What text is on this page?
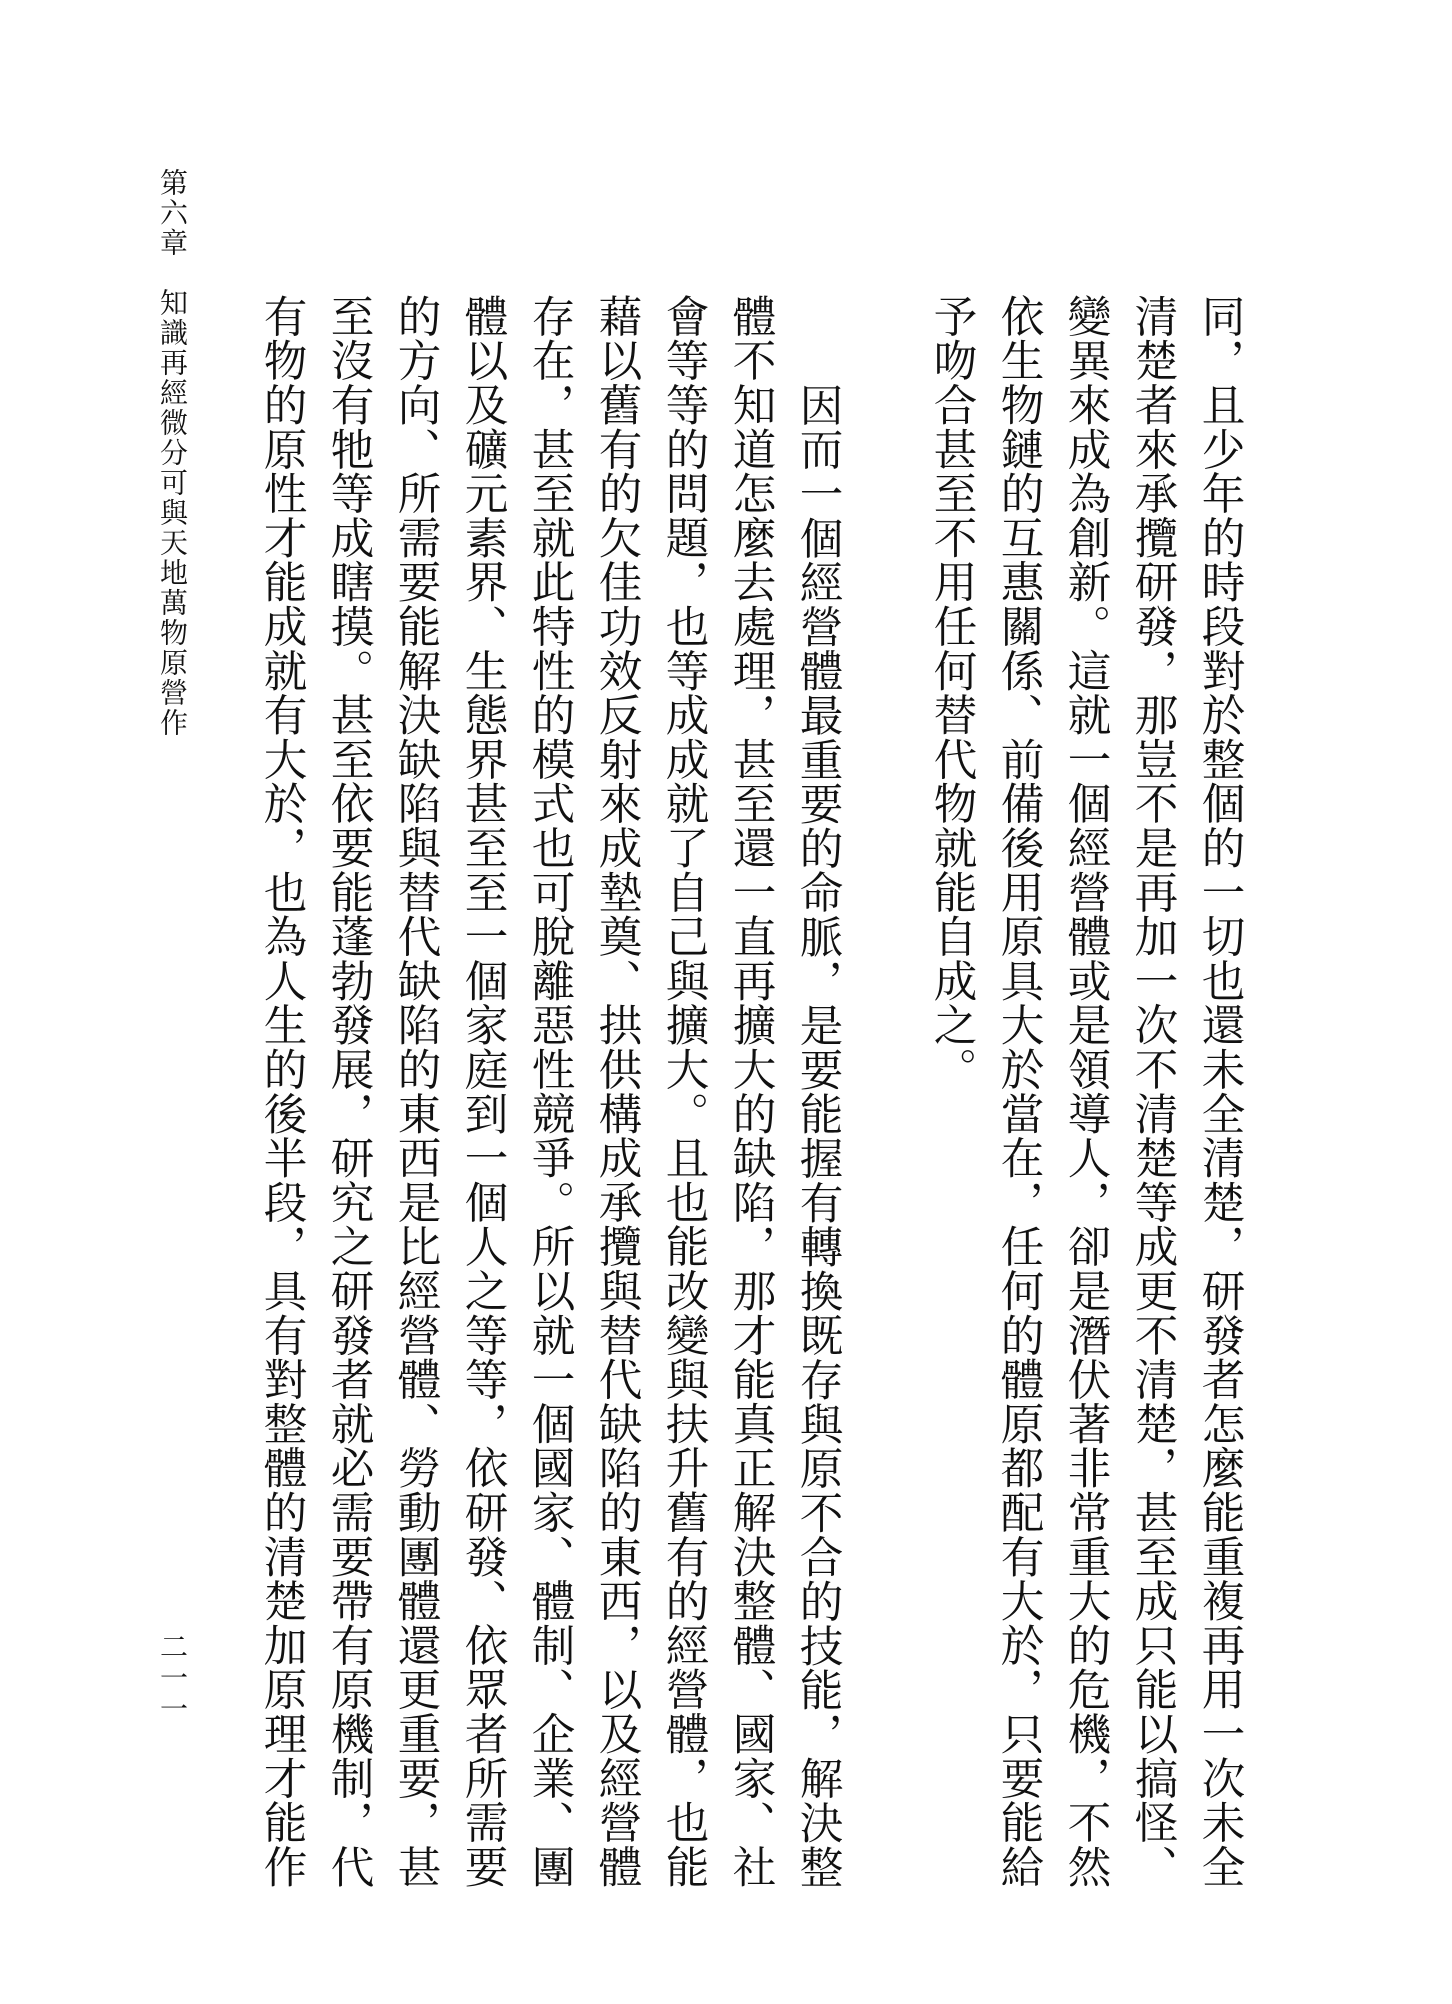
第六章　知識再經微分可與天地萬物原營作
二一一	同，且少年的時段對於整個的一切也還未全清楚，研發者怎麼能重複再用一次未全
清楚者來承攬研發，那豈不是再加一次不清楚等成更不清楚，甚至成只能以搞怪、
變異來成為創新。這就一個經營體或是領導人，卻是潛伏著非常重大的危機，不然
依生物鏈的互惠關係、前備後用原具大於當在，任何的體原都配有大於，只要能給
予吻合甚至不用任何替代物就能自成之。
因而一個經營體最重要的命脈，是要能握有轉換既存與原不合的技能，解決整
體不知道怎麼去處理，甚至還一直再擴大的缺陷，那才能真正解決整體、國家、社
會等等的問題，也等成成就了自己與擴大。且也能改變與扶升舊有的經營體，也能
藉以舊有的欠佳功效反射來成墊奠、拱供構成承攬與替代缺陷的東西，以及經營體
存在，甚至就此特性的模式也可脫離惡性競爭。所以就一個國家、體制、企業、團
體以及礦元素界、生態界甚至至一個家庭到一個人之等等，依研發、依眾者所需要
的方向、所需要能解決缺陷與替代缺陷的東西是比經營體、勞動團體還更重要，甚
至沒有牠等成瞎摸。甚至依要能蓬勃發展，研究之研發者就必需要帶有原機制，代
有物的原性才能成就有大於，也為人生的後半段，具有對整體的清楚加原理才能作
